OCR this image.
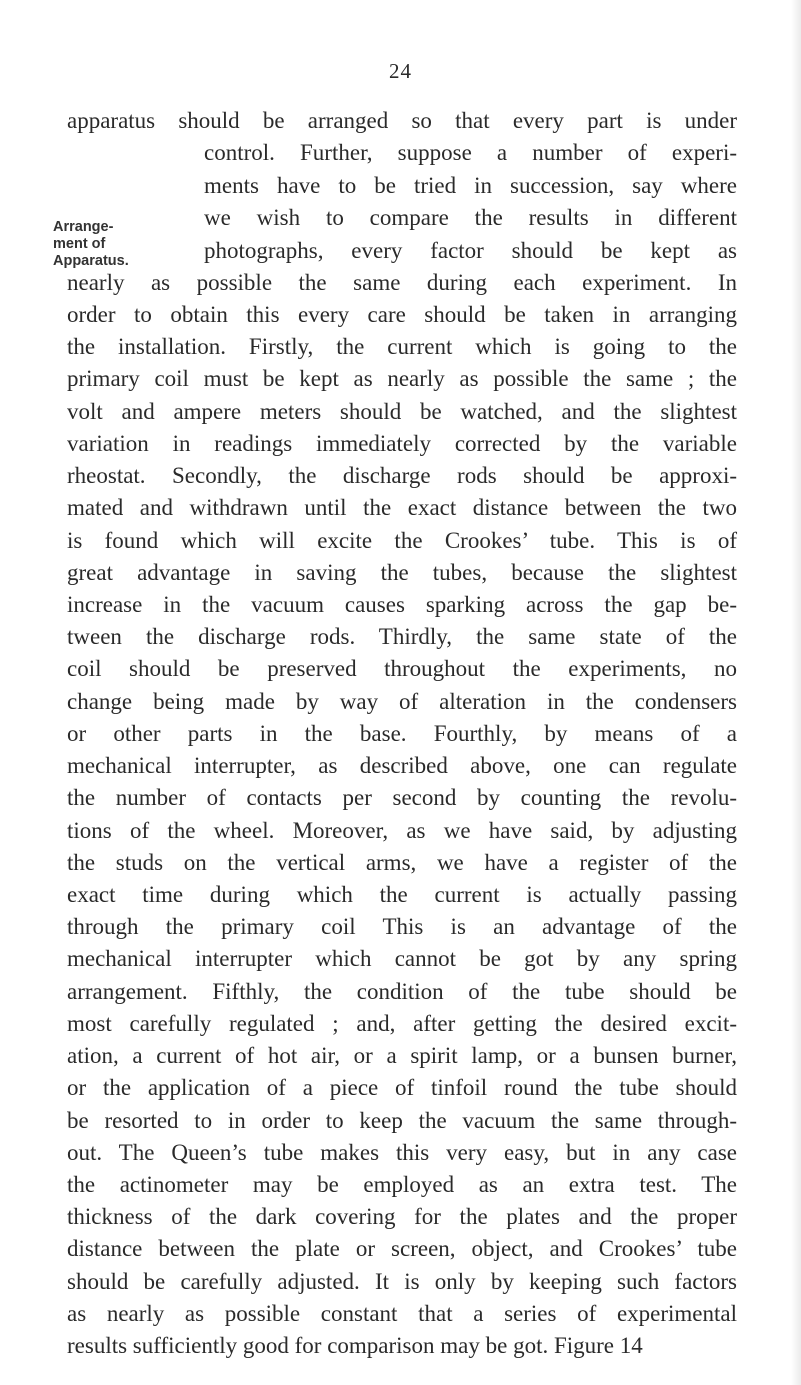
24
Arrange-
ment of
Apparatus.
apparatus should be arranged so that every part is under
control. Further, suppose a number of experi-
ments have to be tried in succession, say where
we wish to compare the results in different
photographs, every factor should be kept as
nearly as possible the same during each experiment. In
order to obtain this every care should be taken in arranging
the installation. Firstly, the current which is going to the
primary coil must be kept as nearly as possible the same ; the
volt and ampere meters should be watched, and the slightest
variation in readings immediately corrected by the variable
rheostat. Secondly, the discharge rods should be approxi-
mated and withdrawn until the exact distance between the two
is found which will excite the Crookes’ tube. This is of
great advantage in saving the tubes, because the slightest
increase in the vacuum causes sparking across the gap be-
tween the discharge rods. Thirdly, the same state of the
coil should be preserved throughout the experiments, no
change being made by way of alteration in the condensers
or other parts in the base. Fourthly, by means of a
mechanical interrupter, as described above, one can regulate
the number of contacts per second by counting the revolu-
tions of the wheel. Moreover, as we have said, by adjusting
the studs on the vertical arms, we have a register of the
exact time during which the current is actually passing
through the primary coil This is an advantage of the
mechanical interrupter which cannot be got by any spring
arrangement. Fifthly, the condition of the tube should be
most carefully regulated ; and, after getting the desired excit-
ation, a current of hot air, or a spirit lamp, or a bunsen burner,
or the application of a piece of tinfoil round the tube should
be resorted to in order to keep the vacuum the same through-
out. The Queen’s tube makes this very easy, but in any case
the actinometer may be employed as an extra test. The
thickness of the dark covering for the plates and the proper
distance between the plate or screen, object, and Crookes’ tube
should be carefully adjusted. It is only by keeping such factors
as nearly as possible constant that a series of experimental
results sufficiently good for comparison may be got. Figure 14
